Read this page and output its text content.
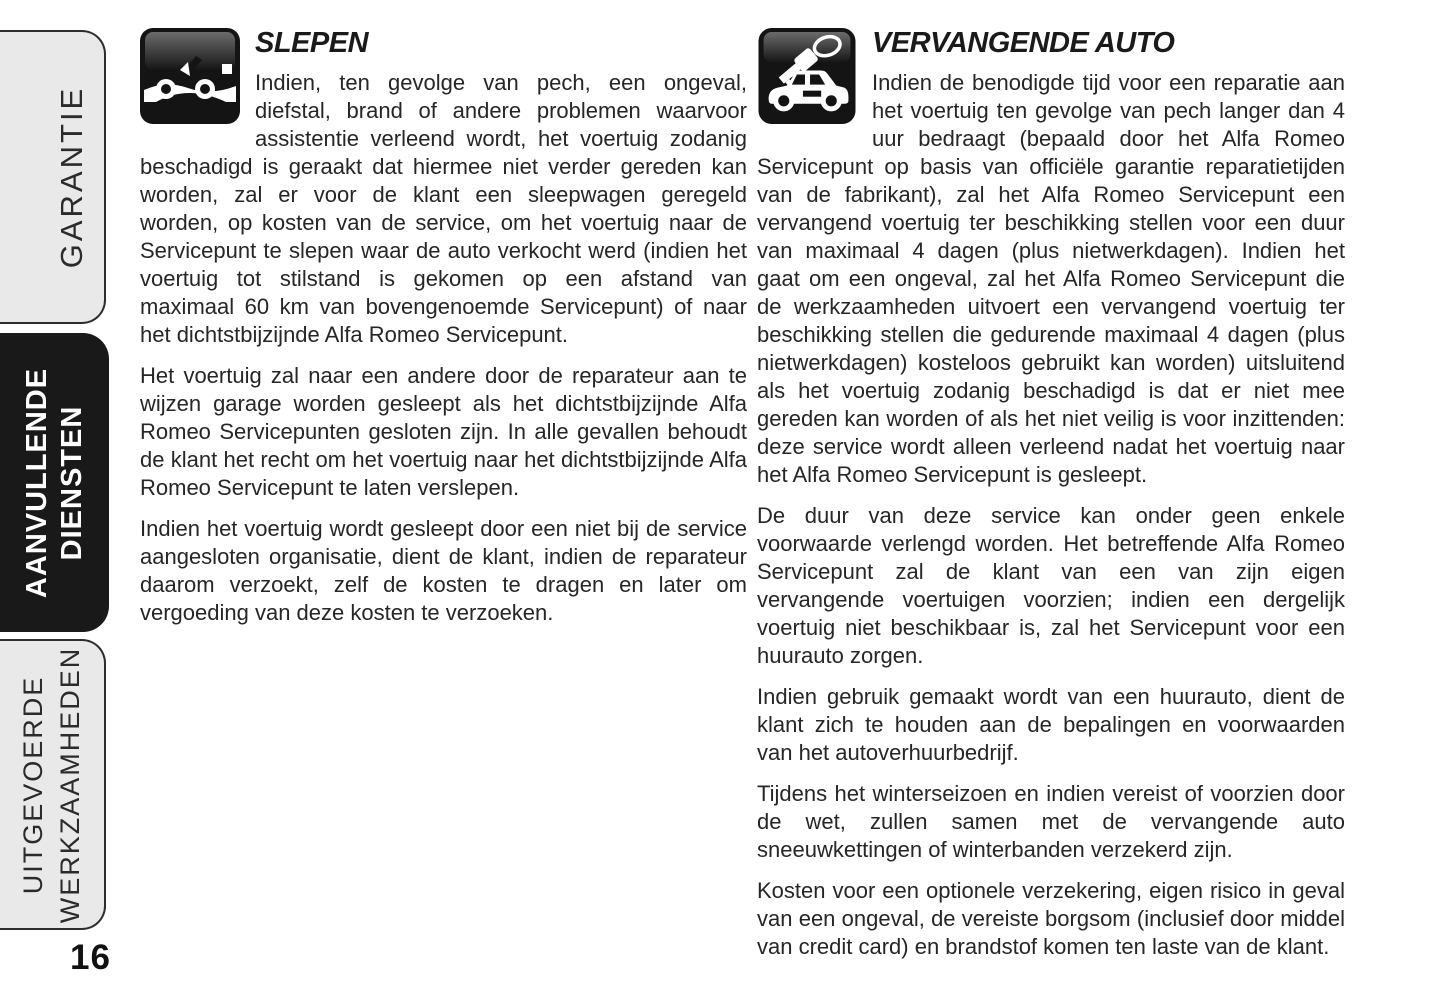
GARANTIE
AANVULLENDE DIENSTEN
UITGEVOERDE WERKZAAMHEDEN
16
SLEPEN

Indien, ten gevolge van pech, een ongeval, diefstal, brand of andere problemen waarvoor assistentie verleend wordt, het voertuig zodanig beschadigd is geraakt dat hiermee niet verder gereden kan worden, zal er voor de klant een sleepwagen geregeld worden, op kosten van de service, om het voertuig naar de Servicepunt te slepen waar de auto verkocht werd (indien het voertuig tot stilstand is gekomen op een afstand van maximaal 60 km van bovengenoemde Servicepunt) of naar het dichtstbijzijnde Alfa Romeo Servicepunt.

Het voertuig zal naar een andere door de reparateur aan te wijzen garage worden gesleept als het dichtstbijzijnde Alfa Romeo Servicepunten gesloten zijn. In alle gevallen behoudt de klant het recht om het voertuig naar het dichtstbijzijnde Alfa Romeo Servicepunt te laten verslepen.

Indien het voertuig wordt gesleept door een niet bij de service aangesloten organisatie, dient de klant, indien de reparateur daarom verzoekt, zelf de kosten te dragen en later om vergoeding van deze kosten te verzoeken.

VERVANGENDE AUTO

Indien de benodigde tijd voor een reparatie aan het voertuig ten gevolge van pech langer dan 4 uur bedraagt (bepaald door het Alfa Romeo Servicepunt op basis van officiële garantie reparatietijden van de fabrikant), zal het Alfa Romeo Servicepunt een vervangend voertuig ter beschikking stellen voor een duur van maximaal 4 dagen (plus nietwerkdagen). Indien het gaat om een ongeval, zal het Alfa Romeo Servicepunt die de werkzaamheden uitvoert een vervangend voertuig ter beschikking stellen die gedurende maximaal 4 dagen (plus nietwerkdagen) kosteloos gebruikt kan worden) uitsluitend als het voertuig zodanig beschadigd is dat er niet mee gereden kan worden of als het niet veilig is voor inzittenden: deze service wordt alleen verleend nadat het voertuig naar het Alfa Romeo Servicepunt is gesleept.

De duur van deze service kan onder geen enkele voorwaarde verlengd worden. Het betreffende Alfa Romeo Servicepunt zal de klant van een van zijn eigen vervangende voertuigen voorzien; indien een dergelijk voertuig niet beschikbaar is, zal het Servicepunt voor een huurauto zorgen.

Indien gebruik gemaakt wordt van een huurauto, dient de klant zich te houden aan de bepalingen en voorwaarden van het autoverhuurbedrijf.

Tijdens het winterseizoen en indien vereist of voorzien door de wet, zullen samen met de vervangende auto sneeuwkettingen of winterbanden verzekerd zijn.

Kosten voor een optionele verzekering, eigen risico in geval van een ongeval, de vereiste borgsom (inclusief door middel van credit card) en brandstof komen ten laste van de klant.
